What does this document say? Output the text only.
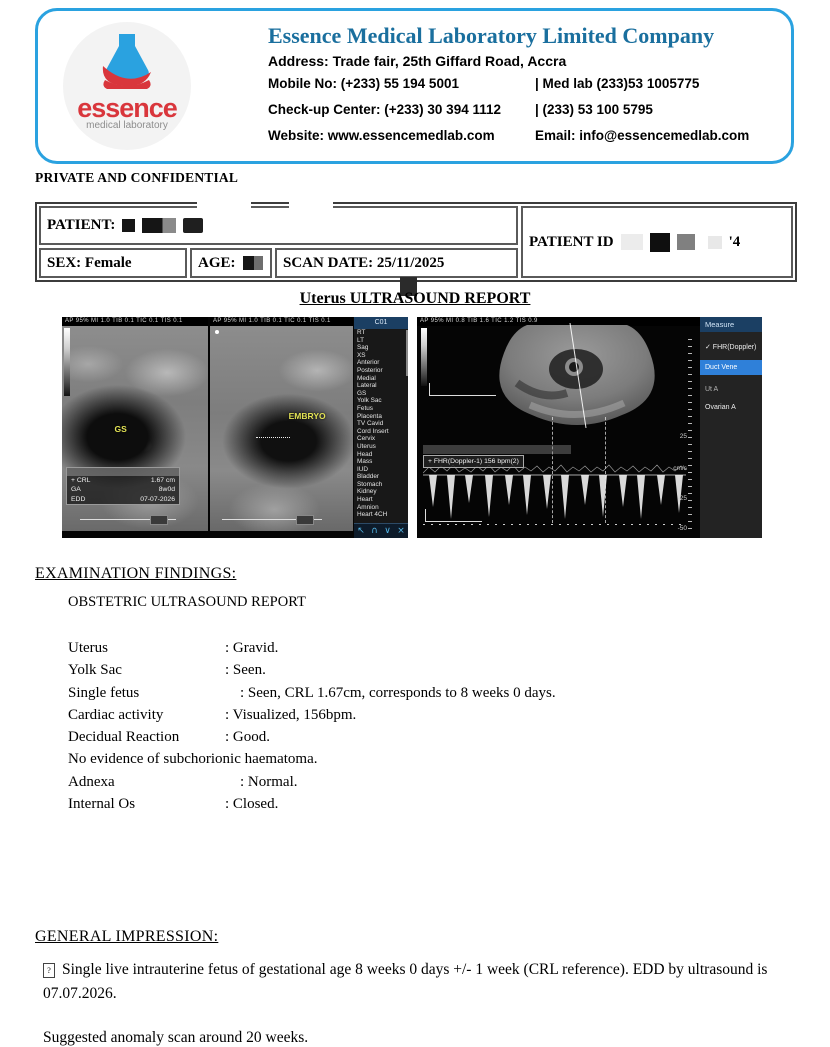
essence
medical laboratory
Essence Medical Laboratory Limited Company
Address: Trade fair, 25th Giffard Road, Accra
Mobile No: (+233) 55 194 5001	| Med lab (233)53 1005775
Check-up Center: (+233) 30 394 1112	| (233) 53 100 5795
Website: www.essencemedlab.com	Email: info@essencemedlab.com
PRIVATE AND CONFIDENTIAL
PATIENT:
SEX: Female	AGE:	SCAN DATE: 25/11/2025
PATIENT ID	'4
Uterus ULTRASOUND REPORT
AP 95% MI 1.0 TIB 0.1 TIC 0.1 TIS 0.1
GS
+ CRL	1.67 cm
GA	8w0d
EDD	07-07-2026
AP 95% MI 1.0 TIB 0.1 TIC 0.1 TIS 0.1
EMBRYO
C01
RT
LT
Sag
XS
Anterior
Posterior
Medial
Lateral
GS
Yolk Sac
Fetus
Placenta
TV Cavid
Cord Insert
Cervix
Uterus
Head
Mass
IUD
Bladder
Stomach
Kidney
Heart
Amnion
Heart 4CH
↖ ∩ ∨ ×
AP 95% MI 0.8 TIB 1.6 TIC 1.2 TIS 0.9
+ FHR(Doppler-1) 156 bpm(2)
25
cm/s
-25
-50
Measure
✓ FHR(Doppler)
Duct Vene
Ut A
Ovarian A
EXAMINATION FINDINGS:
OBSTETRIC ULTRASOUND REPORT
Uterus	: Gravid.
Yolk Sac	: Seen.
Single fetus	: Seen, CRL 1.67cm, corresponds to 8 weeks 0 days.
Cardiac activity	: Visualized, 156bpm.
Decidual Reaction	: Good.
No evidence of subchorionic haematoma.
Adnexa	: Normal.
Internal Os	: Closed.
GENERAL IMPRESSION:
? Single live intrauterine fetus of gestational age 8 weeks 0 days +/- 1 week (CRL reference). EDD by ultrasound is 07.07.2026.
Suggested anomaly scan around 20 weeks.
